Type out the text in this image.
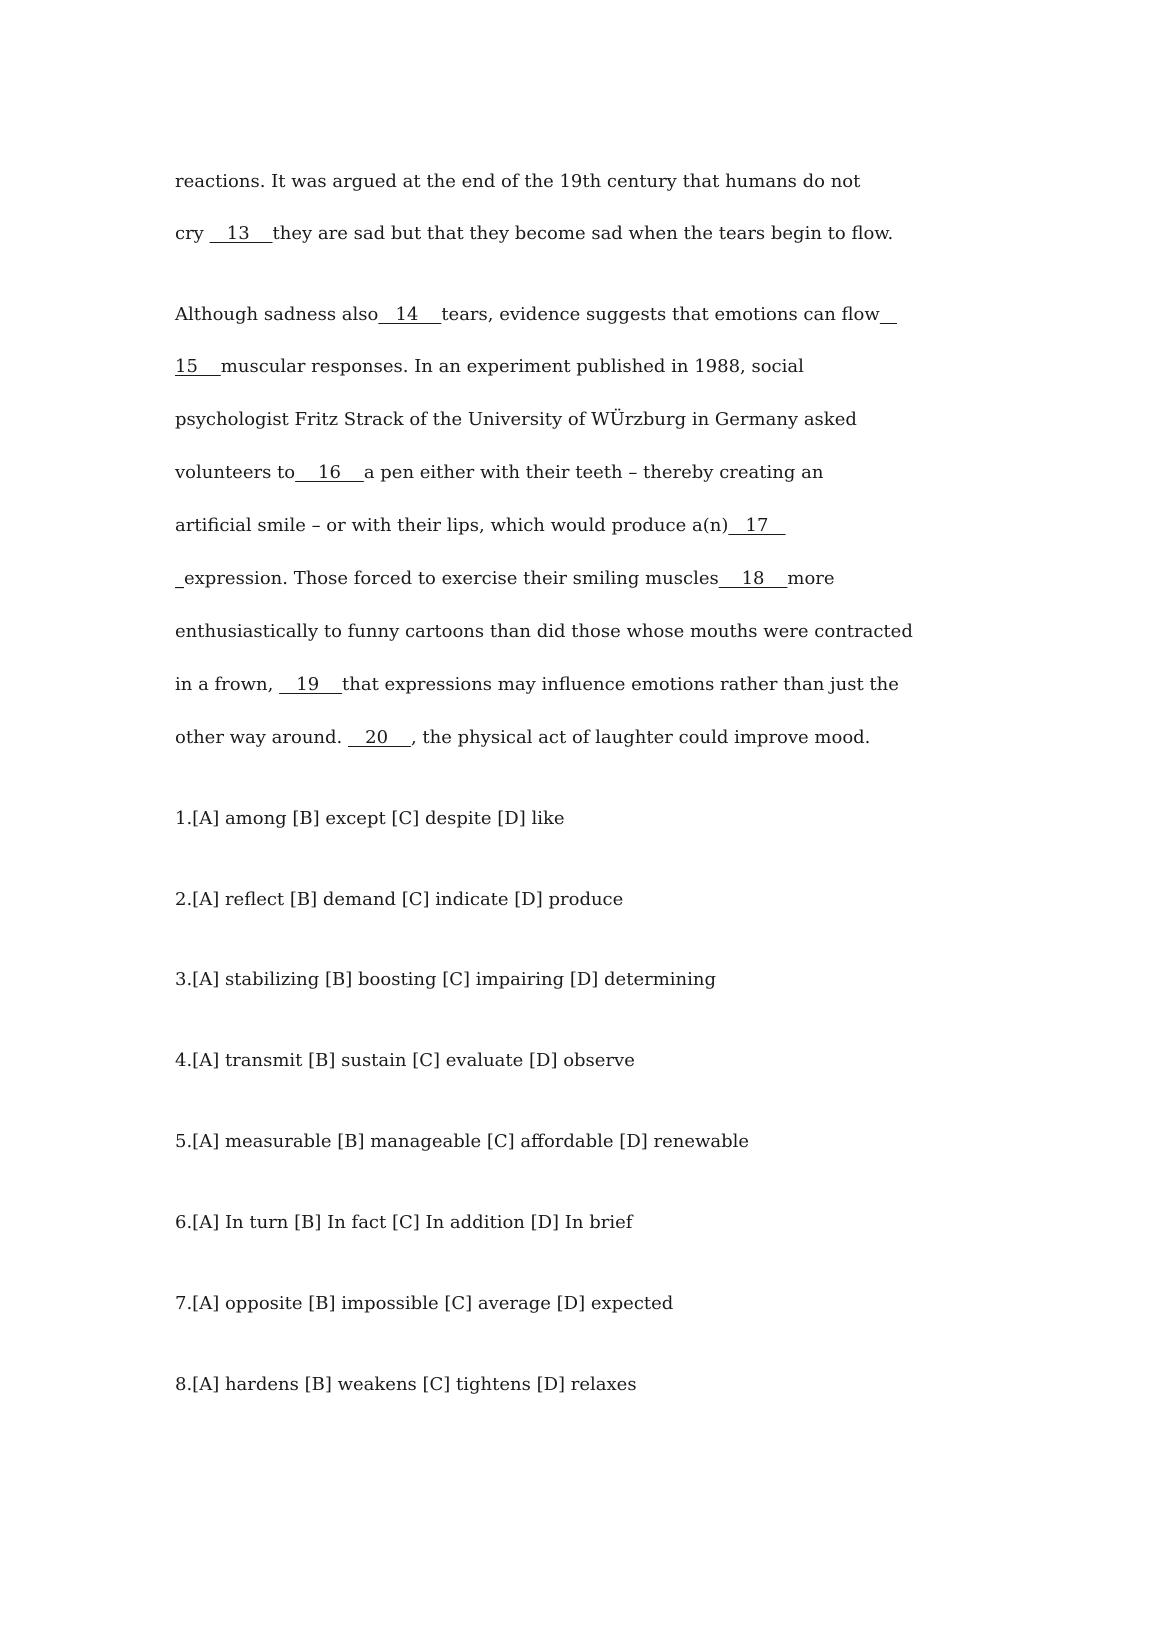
reactions. It was argued at the end of the 19th century that humans do not
cry    13    they are sad but that they become sad when the tears begin to flow.
Although sadness also   14    tears, evidence suggests that emotions can flow
15    muscular responses. In an experiment published in 1988, social
psychologist Fritz Strack of the University of WÜrzburg in Germany asked
volunteers to    16    a pen either with their teeth – thereby creating an
artificial smile – or with their lips, which would produce a(n)   17
_expression. Those forced to exercise their smiling muscles    18    more
enthusiastically to funny cartoons than did those whose mouths were contracted
in a frown,    19    that expressions may influence emotions rather than just the
other way around.    20    , the physical act of laughter could improve mood.
1.[A] among [B] except [C] despite [D] like
2.[A] reflect [B] demand [C] indicate [D] produce
3.[A] stabilizing [B] boosting [C] impairing [D] determining
4.[A] transmit [B] sustain [C] evaluate [D] observe
5.[A] measurable [B] manageable [C] affordable [D] renewable
6.[A] In turn [B] In fact [C] In addition [D] In brief
7.[A] opposite [B] impossible [C] average [D] expected
8.[A] hardens [B] weakens [C] tightens [D] relaxes
